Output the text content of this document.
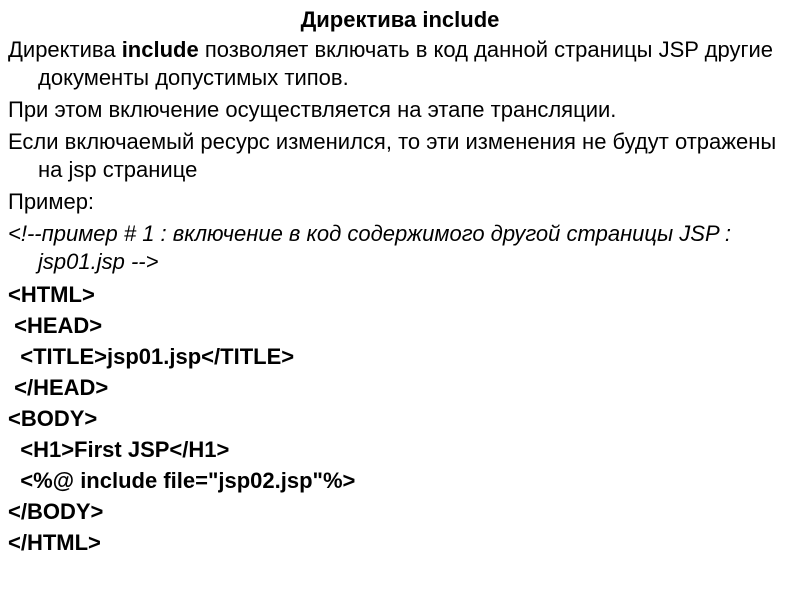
Директива include

Директива include позволяет включать в код данной страницы JSP другие документы допустимых типов.

При этом включение осуществляется на этапе трансляции.

Если включаемый ресурс изменился, то эти изменения не будут отражены на jsp странице

Пример:

<!--пример # 1 : включение в код содержимого другой страницы JSP : jsp01.jsp -->

<HTML>

<HEAD>

<TITLE>jsp01.jsp</TITLE>

</HEAD>

<BODY>

<H1>First JSP</H1>

<%@ include file="jsp02.jsp"%>

</BODY>

</HTML>
